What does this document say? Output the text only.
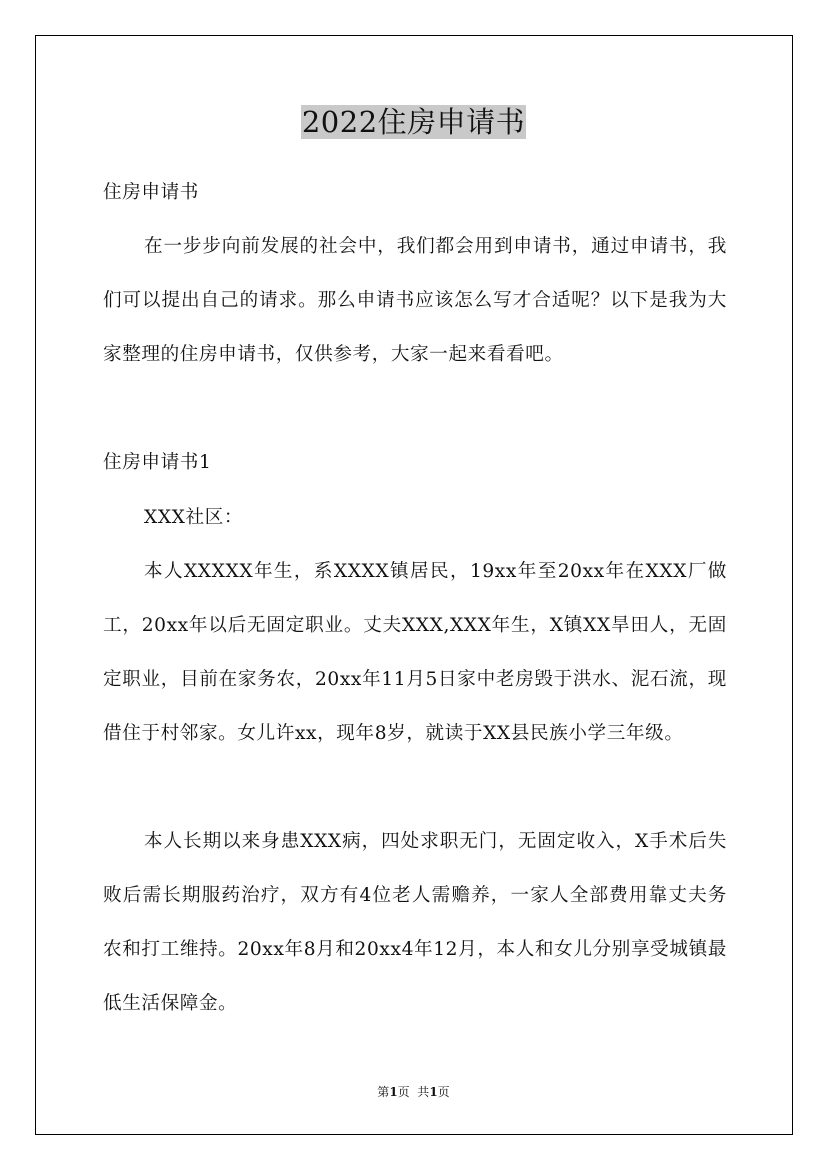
2022住房申请书

住房申请书

在一步步向前发展的社会中，我们都会用到申请书，通过申请书，我们可以提出自己的请求。那么申请书应该怎么写才合适呢？以下是我为大家整理的住房申请书，仅供参考，大家一起来看看吧。

住房申请书1

XXX社区：

本人XXXXX年生，系XXXX镇居民，19xx年至20xx年在XXX厂做工，20xx年以后无固定职业。丈夫XXX,XXX年生，X镇XX旱田人，无固定职业，目前在家务农，20xx年11月5日家中老房毁于洪水、泥石流，现借住于村邻家。女儿许xx，现年8岁，就读于XX县民族小学三年级。

本人长期以来身患XXX病，四处求职无门，无固定收入，X手术后失败后需长期服药治疗，双方有4位老人需赡养，一家人全部费用靠丈夫务农和打工维持。20xx年8月和20xx4年12月，本人和女儿分别享受城镇最低生活保障金。

第1页  共1页
